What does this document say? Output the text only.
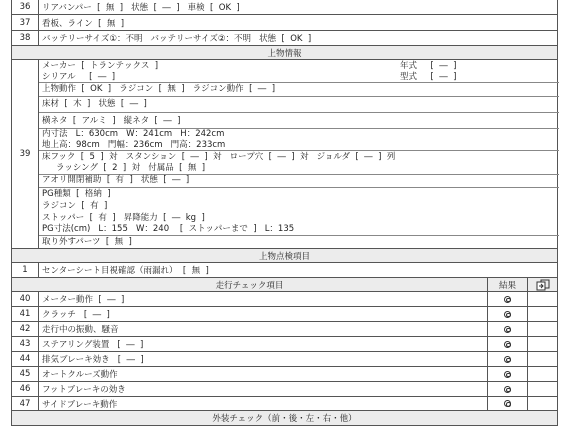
36	リアバンパー  [  無  ]   状態  [  ―  ]   車検  [  OK  ]
37	看板、ライン  [  無  ]
38	バッテリーサイズ①：不明   バッテリーサイズ②：不明   状態  [  OK  ]
上物情報
39
メーカー  [  トランテックス  ]	年式     [  ―  ]
シリアル     [  ―  ]	型式     [  ―  ]
上物動作  [  OK  ]   ラジコン  [  無  ]   ラジコン動作  [  ―  ]
床材  [  木  ]   状態  [  ―  ]
横ネタ  [  アルミ  ]   縦ネタ  [  ―  ]
内寸法   L：630cm   W：241cm   H：242cm
地上高：98cm   門幅：236cm   門高：233cm
床フック  [  5  ]  対   スタンション  [  ―  ]  対   ロープ穴  [  ―  ]  対   ジョルダ  [  ―  ]  列
ラッシング  [  2  ]  対   付属品  [  無  ]
アオリ開閉補助  [  有  ]   状態  [  ―  ]
PG種類  [  格納  ]
ラジコン  [  有  ]
ストッパー  [  有  ]   昇降能力  [  ―  kg  ]
PG寸法(cm)   L：155   W：240    [  ストッパーまで  ]   L：135
取り外すパーツ  [  無  ]
上物点検項目
1	センターシート目視確認（雨漏れ）  [  無  ]
走行チェック項目	結果
40	メーター動作  [  ―  ]
41	クラッチ   [  ―  ]
42	走行中の振動、騒音
43	ステアリング装置   [  ―  ]
44	排気ブレーキ効き   [  ―  ]
45	オートクルーズ動作
46	フットブレーキの効き
47	サイドブレーキ動作
外装チェック（前・後・左・右・他）
